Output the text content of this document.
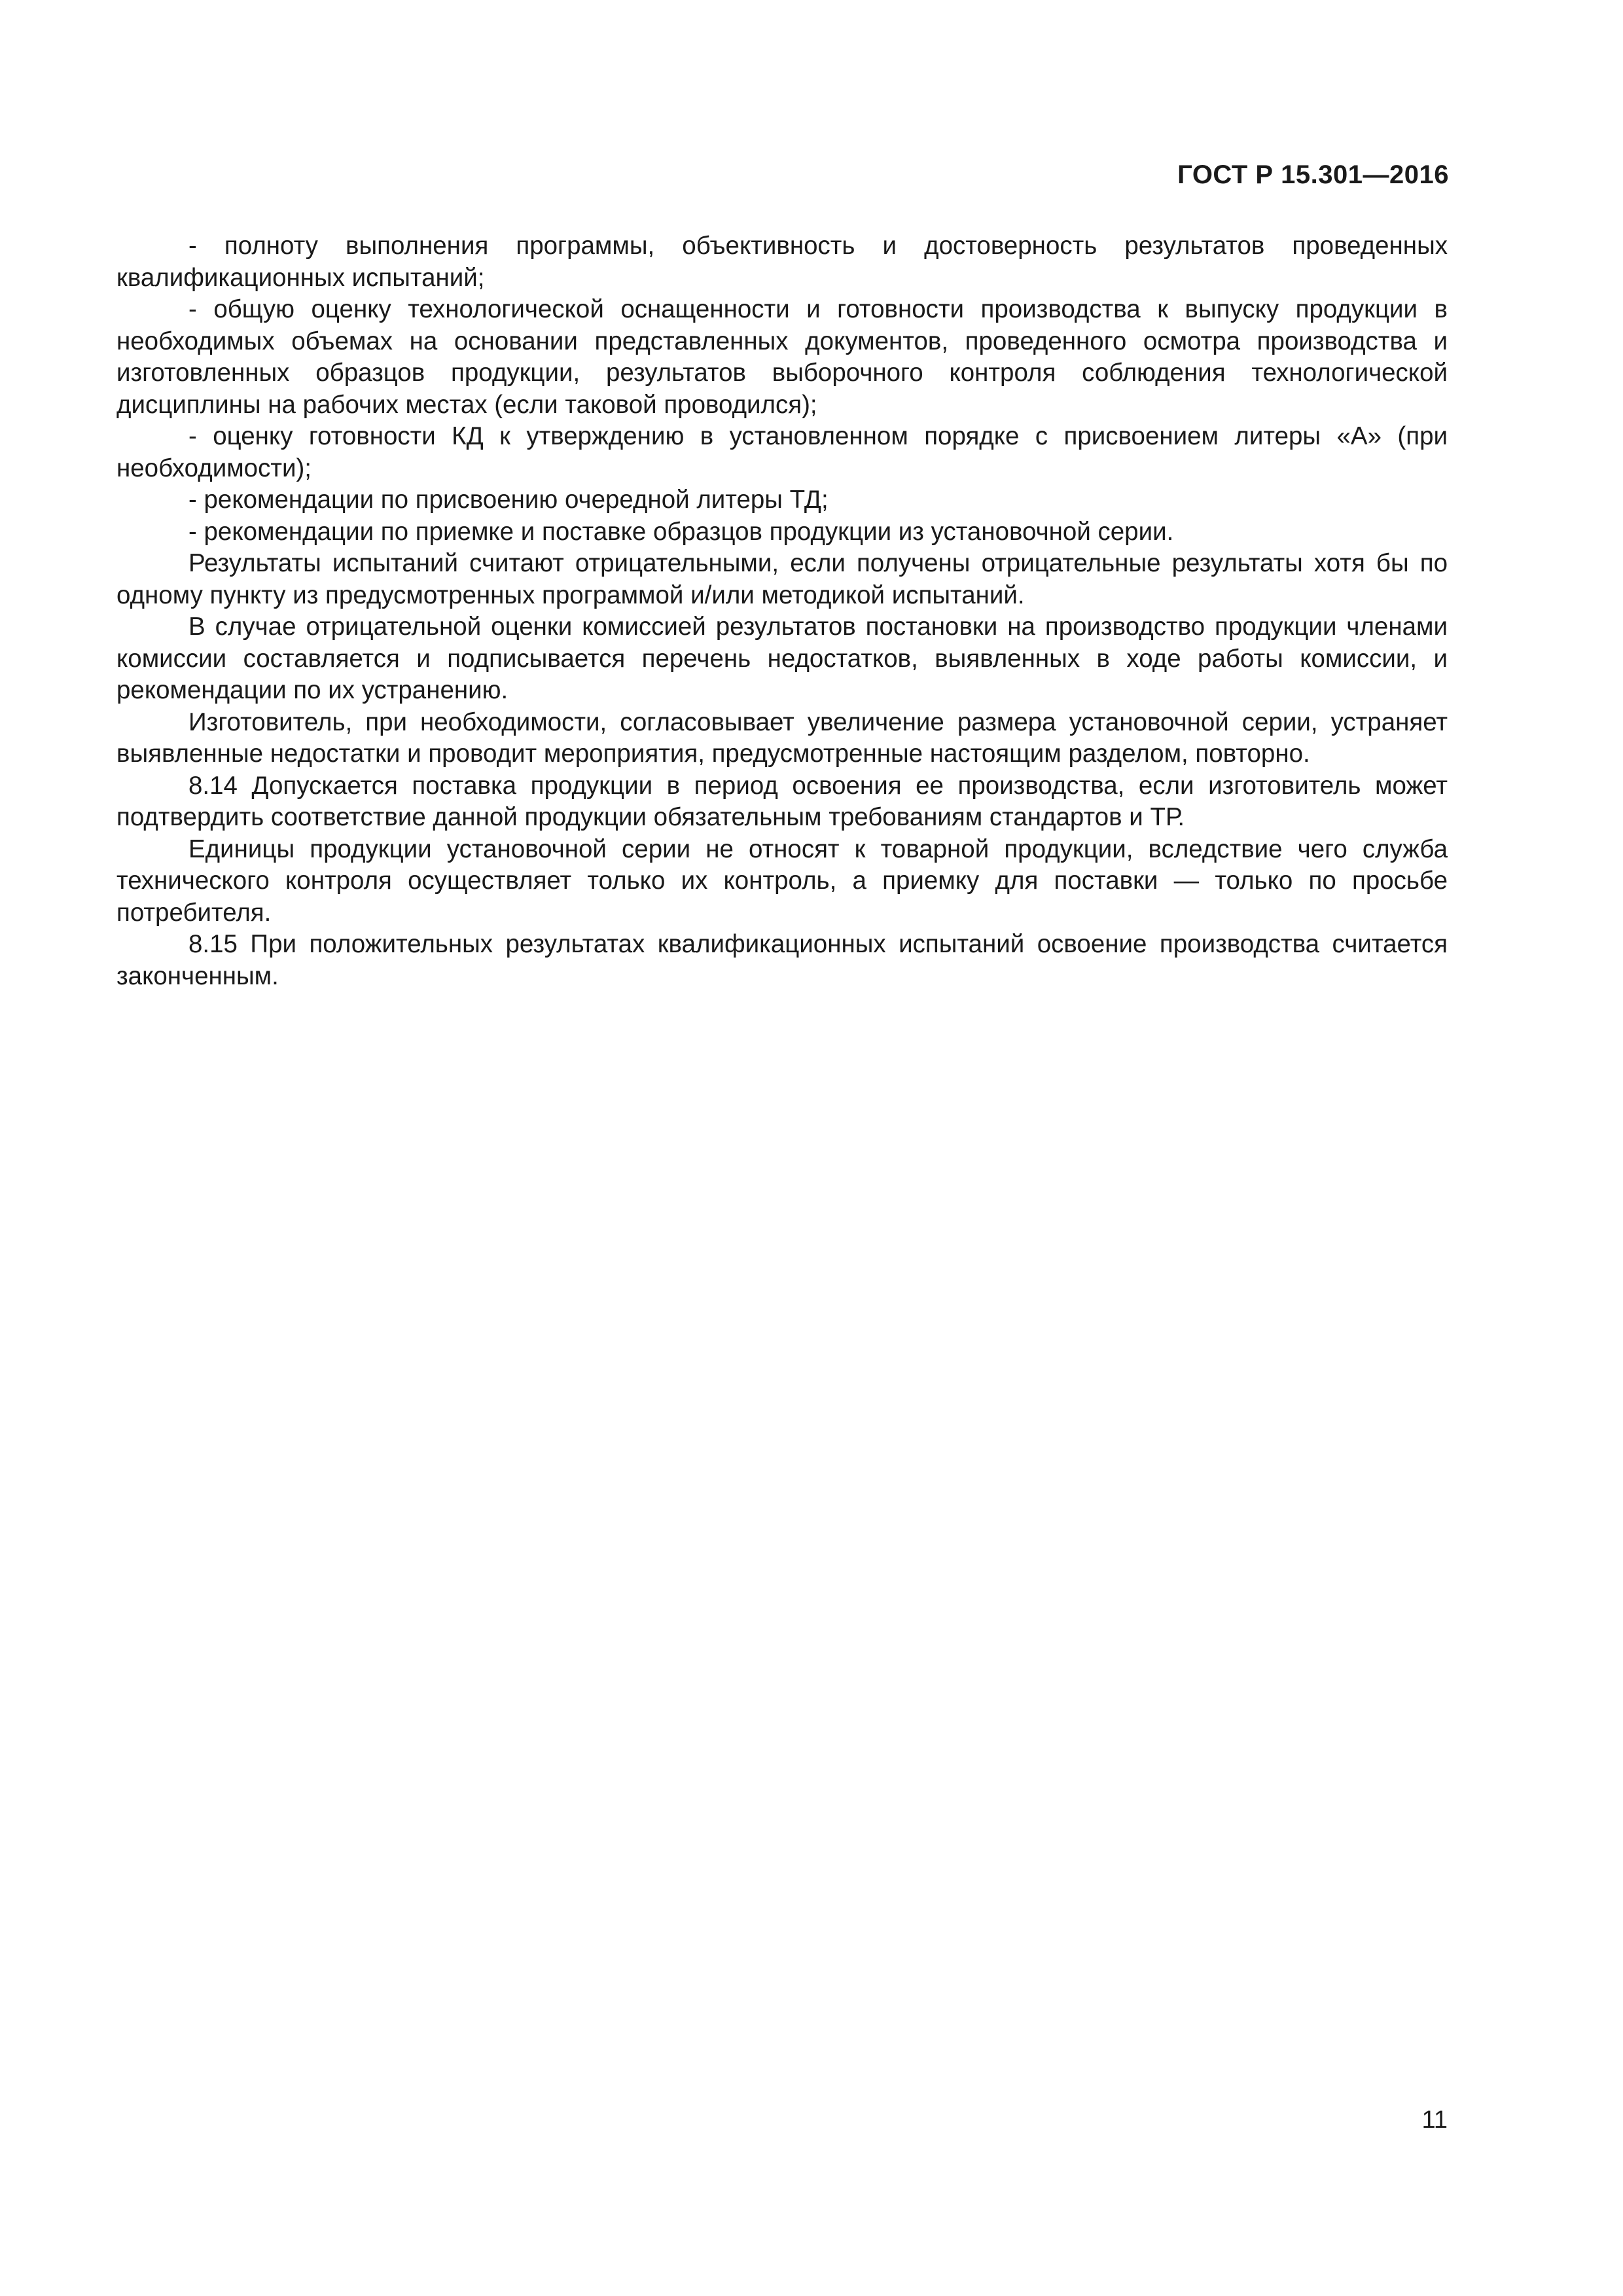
ГОСТ Р 15.301—2016

- полноту выполнения программы, объективность и достоверность результатов проведенных квалификационных испытаний;

- общую оценку технологической оснащенности и готовности производства к выпуску продукции в необходимых объемах на основании представленных документов, проведенного осмотра производства и изготовленных образцов продукции, результатов выборочного контроля соблюдения технологической дисциплины на рабочих местах (если таковой проводился);

- оценку готовности КД к утверждению в установленном порядке с присвоением литеры «А» (при необходимости);

- рекомендации по присвоению очередной литеры ТД;

- рекомендации по приемке и поставке образцов продукции из установочной серии.

Результаты испытаний считают отрицательными, если получены отрицательные результаты хотя бы по одному пункту из предусмотренных программой и/или методикой испытаний.

В случае отрицательной оценки комиссией результатов постановки на производство продукции членами комиссии составляется и подписывается перечень недостатков, выявленных в ходе работы комиссии, и рекомендации по их устранению.

Изготовитель, при необходимости, согласовывает увеличение размера установочной серии, устраняет выявленные недостатки и проводит мероприятия, предусмотренные настоящим разделом, повторно.

8.14 Допускается поставка продукции в период освоения ее производства, если изготовитель может подтвердить соответствие данной продукции обязательным требованиям стандартов и ТР.

Единицы продукции установочной серии не относят к товарной продукции, вследствие чего служба технического контроля осуществляет только их контроль, а приемку для поставки — только по просьбе потребителя.

8.15 При положительных результатах квалификационных испытаний освоение производства считается законченным.

11
